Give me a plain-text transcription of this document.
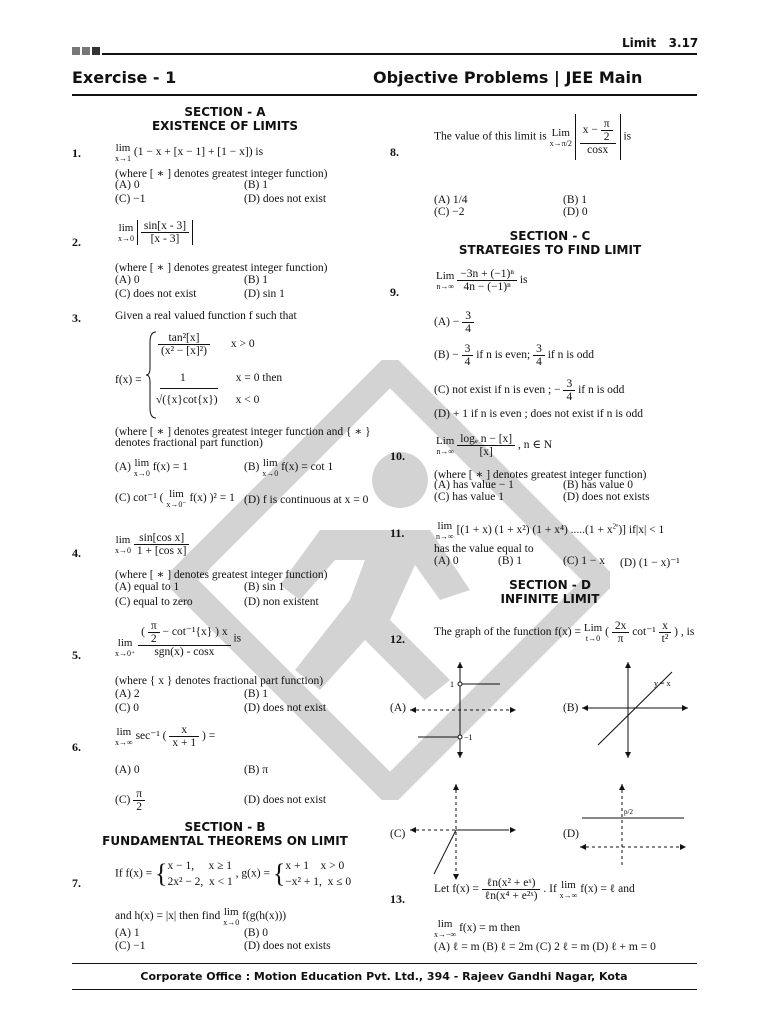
Limit 3.17
Exercise - 1	Objective Problems | JEE Main
SECTION - A
EXISTENCE OF LIMITS
1.	lim
x→1
(1 − x + [x − 1] + [1 − x]) is
(where [ ∗ ] denotes greatest integer function)
(A) 0	(B) 1
(C) −1	(D) does not exist
2.
lim
x→0
$\frac{\sin[x - 3]}{[x - 3]}$
(where [ ∗ ] denotes greatest integer function)
(A) 0	(B) 1
(C) does not exist	(D) sin 1
3.	Given a real valued function f such that
f(x) =
$\frac{\text{tan²[x]}}{\text{(x² − [x]²)}}$ x > 0
1	x = 0 then
√({x}cot{x}) x < 0
(where [ ∗ ] denotes greatest integer function and { ∗ }
denotes fractional part function)
(A) lim
x→0
f(x) = 1	(B) lim
x→0
f(x) = cot 1
(C) cot⁻¹ ( lim
x→0⁻
f(x) )² = 1 (D) f is continuous at x = 0
4.
lim
x→0
$\frac{\text{sin[cos x]}}{\text{1 + [cos x]}}$
(where [ ∗ ] denotes greatest integer function)
(A) equal to 1	(B) sin 1
(C) equal to zero	(D) non existent
5.
lim
x→0⁺
$\frac{( \frac{\pi}{2} - \cot^{-1}\{x\} ) x}{\text{sgn(x) - cosx}}$ is
(where { x } denotes fractional part function)
(A) 2	(B) 1
(C) 0	(D) does not exist
6.
lim
x→∞
sec⁻¹ ( $\frac{x}{x + 1}$ ) =
(A) 0	(B) π
$(C) \frac{\pi}{2}$	(D) does not exist
SECTION - B
FUNDAMENTAL THEOREMS ON LIMIT
7.
If f(x) = {x − 1,     x ≥ 1
2x² − 2,  x < 1 , g(x) = {x + 1    x > 0
−x² + 1,  x ≤ 0
and h(x) = |x| then find lim
x→0
f(g(h(x)))
(A) 1	(B) 0
(C) −1	(D) does not exists
8.
The value of this limit is Lim
x→π/2
$\frac{x - \frac{\pi}{2}}{\cos x}$ is
(A) 1/4	(B) 1
(C) −2	(D) 0
SECTION - C
STRATEGIES TO FIND LIMIT
9.
Lim
n→∞
$\frac{\text{−3n + (−1)ⁿ}}{\text{4n − (−1)ⁿ}}$ is
$(A) - \frac{3}{4}$
$(B) - \frac{3}{4}$ if n is even; $\frac{3}{4}$ if n is odd
(C) not exist if n is even ; − $\frac{3}{4}$ if n is odd
(D) + 1 if n is even ; does not exist if n is odd
10.
Lim
n→∞
$\frac{\text{logₑ n − [x]}}{[x]}$ , n ∈ N
(where [ ∗ ] denotes greatest integer function)
(A) has value − 1	(B) has value 0
(C) has value 1	(D) does not exists
11.	lim
n→∞
[(1 + x) (1 + x²) (1 + x⁴) $.....(1 + x^{2^n})$] if|x| < 1
has the value equal to
(A) 0	(B) 1	(C) 1 − x (D) (1 − x)⁻¹
SECTION - D
INFINITE LIMIT
12.	The graph of the function f(x) = Lim
t→0
( $\frac{2x}{\pi} \cot^{-1} \frac{x}{\text{t²}}$ ) , is
(A)
1
−1
(B)
y = x
(C)	(D)
p/2
13.
Let $f(x) = \frac{\text{ℓn(x² + eˣ)}}{\text{ℓn(x⁴ + e²ˣ)}}$ . If lim
x→∞
f(x) = ℓ and
lim
x→−∞
f(x) = m then
(A) ℓ = m (B) ℓ = 2m (C) 2 ℓ = m (D) ℓ + m = 0
Corporate Office : Motion Education Pvt. Ltd., 394 - Rajeev Gandhi Nagar, Kota
